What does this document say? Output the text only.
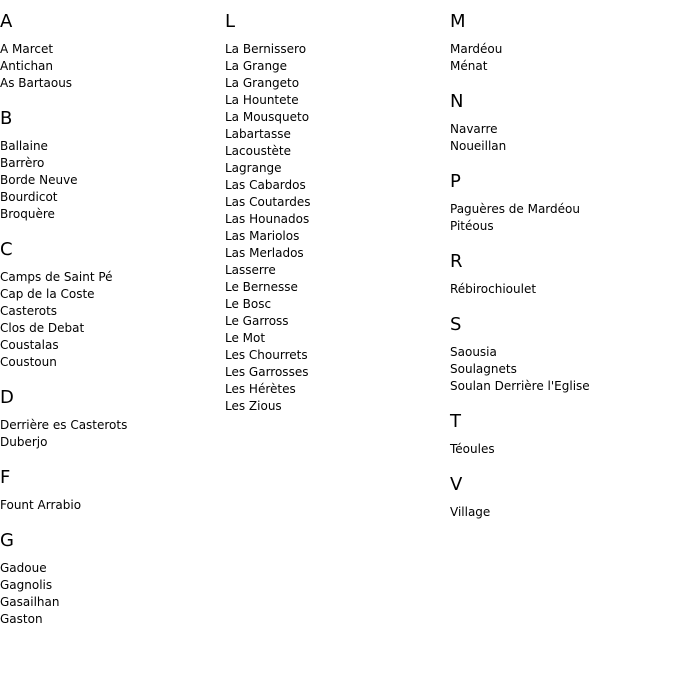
A
A Marcet
Antichan
As Bartaous
B
Ballaine
Barrèro
Borde Neuve
Bourdicot
Broquère
C
Camps de Saint Pé
Cap de la Coste
Casterots
Clos de Debat
Coustalas
Coustoun
D
Derrière es Casterots
Duberjo
F
Fount Arrabio
G
Gadoue
Gagnolis
Gasailhan
Gaston
L
La Bernissero
La Grange
La Grangeto
La Hountete
La Mousqueto
Labartasse
Lacoustète
Lagrange
Las Cabardos
Las Coutardes
Las Hounados
Las Mariolos
Las Merlados
Lasserre
Le Bernesse
Le Bosc
Le Garross
Le Mot
Les Chourrets
Les Garrosses
Les Hérètes
Les Zious
M
Mardéou
Ménat
N
Navarre
Noueillan
P
Paguères de Mardéou
Pitéous
R
Rébirochioulet
S
Saousia
Soulagnets
Soulan Derrière l'Eglise
T
Téoules
V
Village
